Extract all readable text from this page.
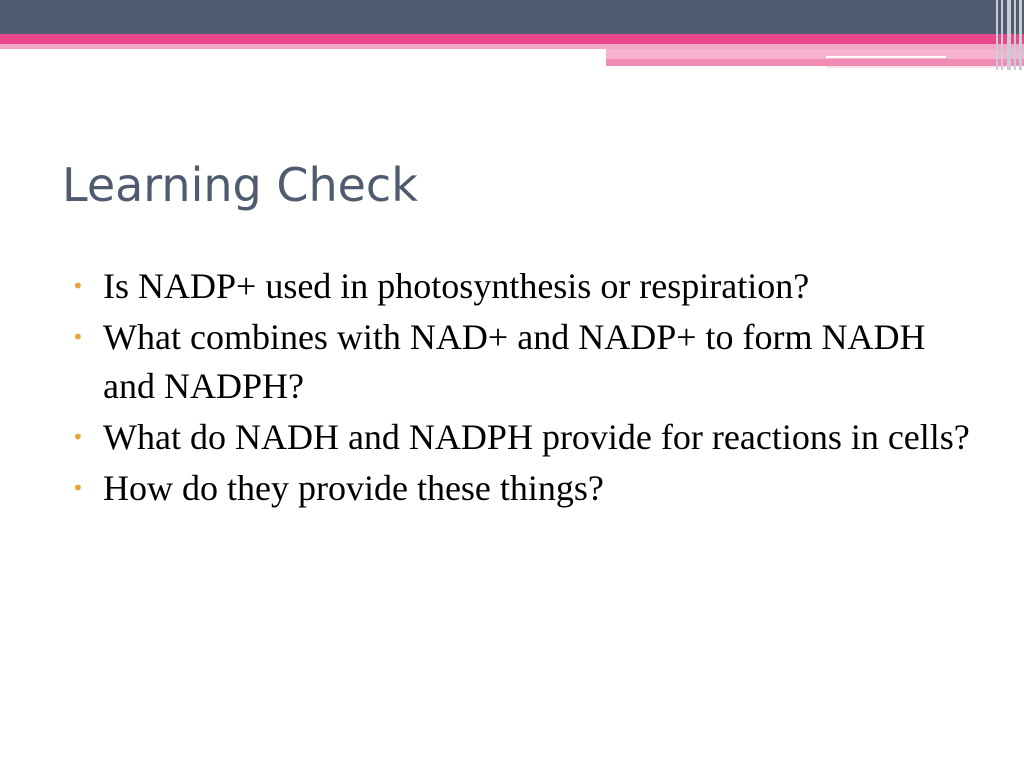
Learning Check
• Is NADP+ used in photosynthesis or respiration?
• What combines with NAD+ and NADP+ to form NADH and NADPH?
• What do NADH and NADPH provide for reactions in cells?
• How do they provide these things?
